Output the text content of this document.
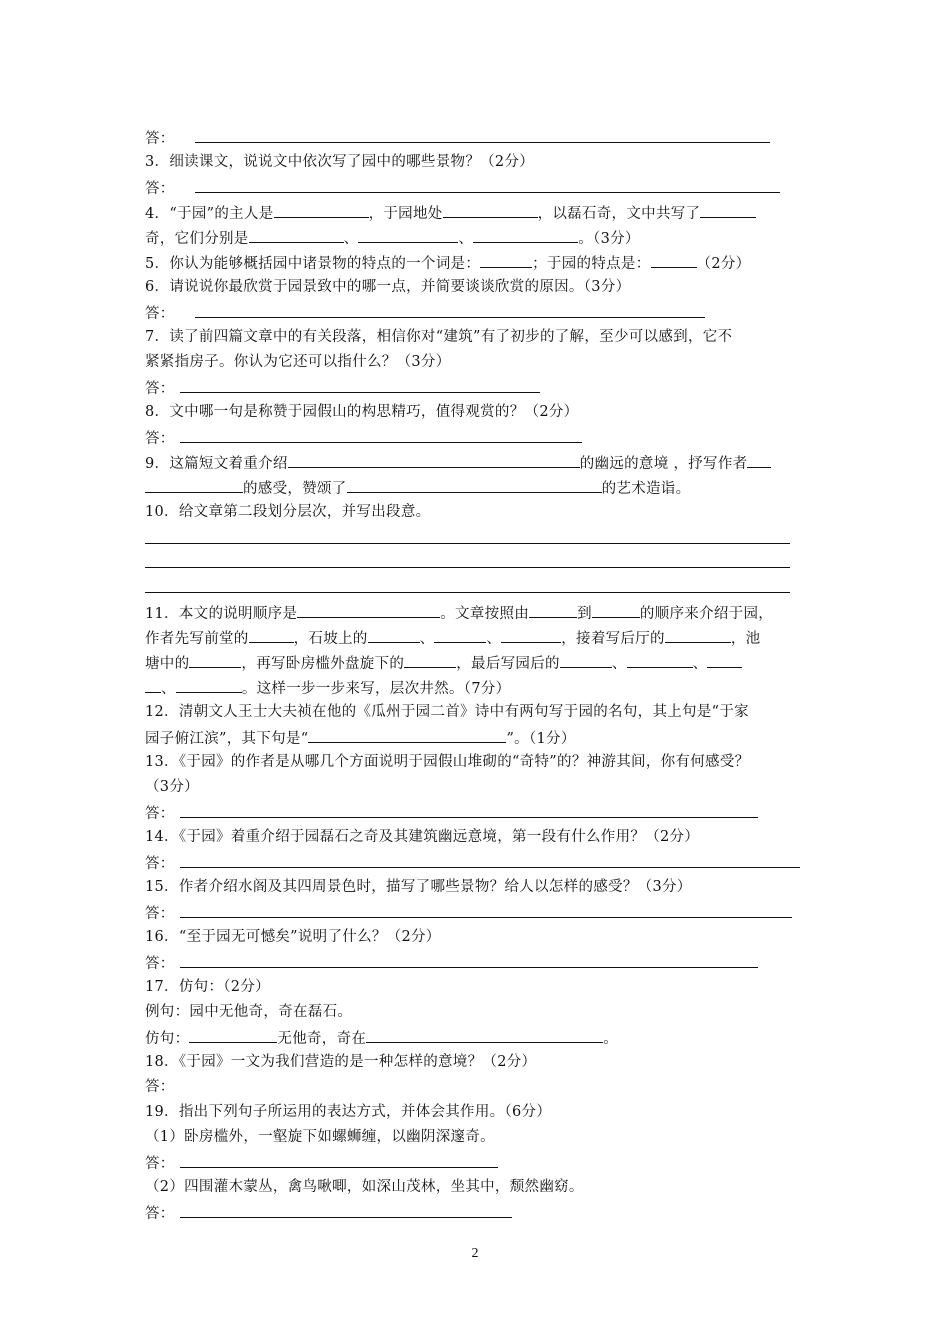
答：
3．细读课文，说说文中依次写了园中的哪些景物？（2分）
答：
4．“于园”的主人是	，于园地处	，以磊石奇，文中共写了
奇，它们分别是	、	、	。（3分）
5．你认为能够概括园中诸景物的特点的一个词是：	；于园的特点是：	（2分）
6．请说说你最欣赏于园景致中的哪一点，并简要谈谈欣赏的原因。（3分）
答：
7．读了前四篇文章中的有关段落，相信你对“建筑”有了初步的了解，至少可以感到，它不
紧紧指房子。你认为它还可以指什么？（3分）
答：
8．文中哪一句是称赞于园假山的构思精巧，值得观赏的？（2分）
答：
9．这篇短文着重介绍	的幽远的意境 ，抒写作者
的感受，赞颂了	的艺术造诣。
10．给文章第二段划分层次，并写出段意。
11．本文的说明顺序是	。文章按照由	到	的顺序来介绍于园，
作者先写前堂的	，石坡上的	、	、	，接着写后厅的	，池
塘中的	，再写卧房槛外盘旋下的	，最后写园后的	、	、
、	。这样一步一步来写，层次井然。（7分）
12．清朝文人王士大夫祯在他的《瓜州于园二首》诗中有两句写于园的名句，其上句是“于家
园子俯江滨”，其下句是“	”。（1分）
13．《于园》的作者是从哪几个方面说明于园假山堆砌的“奇特”的？神游其间，你有何感受？
（3分）
答：
14．《于园》着重介绍于园磊石之奇及其建筑幽远意境，第一段有什么作用？（2分）
答：
15．作者介绍水阁及其四周景色时，描写了哪些景物？给人以怎样的感受？（3分）
答：
16．“至于园无可憾矣”说明了什么？（2分）
答：
17．仿句：（2分）
例句：园中无他奇，奇在磊石。
仿句：	无他奇，奇在	。
18．《于园》一文为我们营造的是一种怎样的意境？（2分）
答：
19．指出下列句子所运用的表达方式，并体会其作用。（6分）
（1）卧房槛外，一壑旋下如螺蛳缠，以幽阴深邃奇。
答：
（2）四围灌木蒙丛，禽鸟啾唧，如深山茂林，坐其中，颓然幽窈。
答：
2
